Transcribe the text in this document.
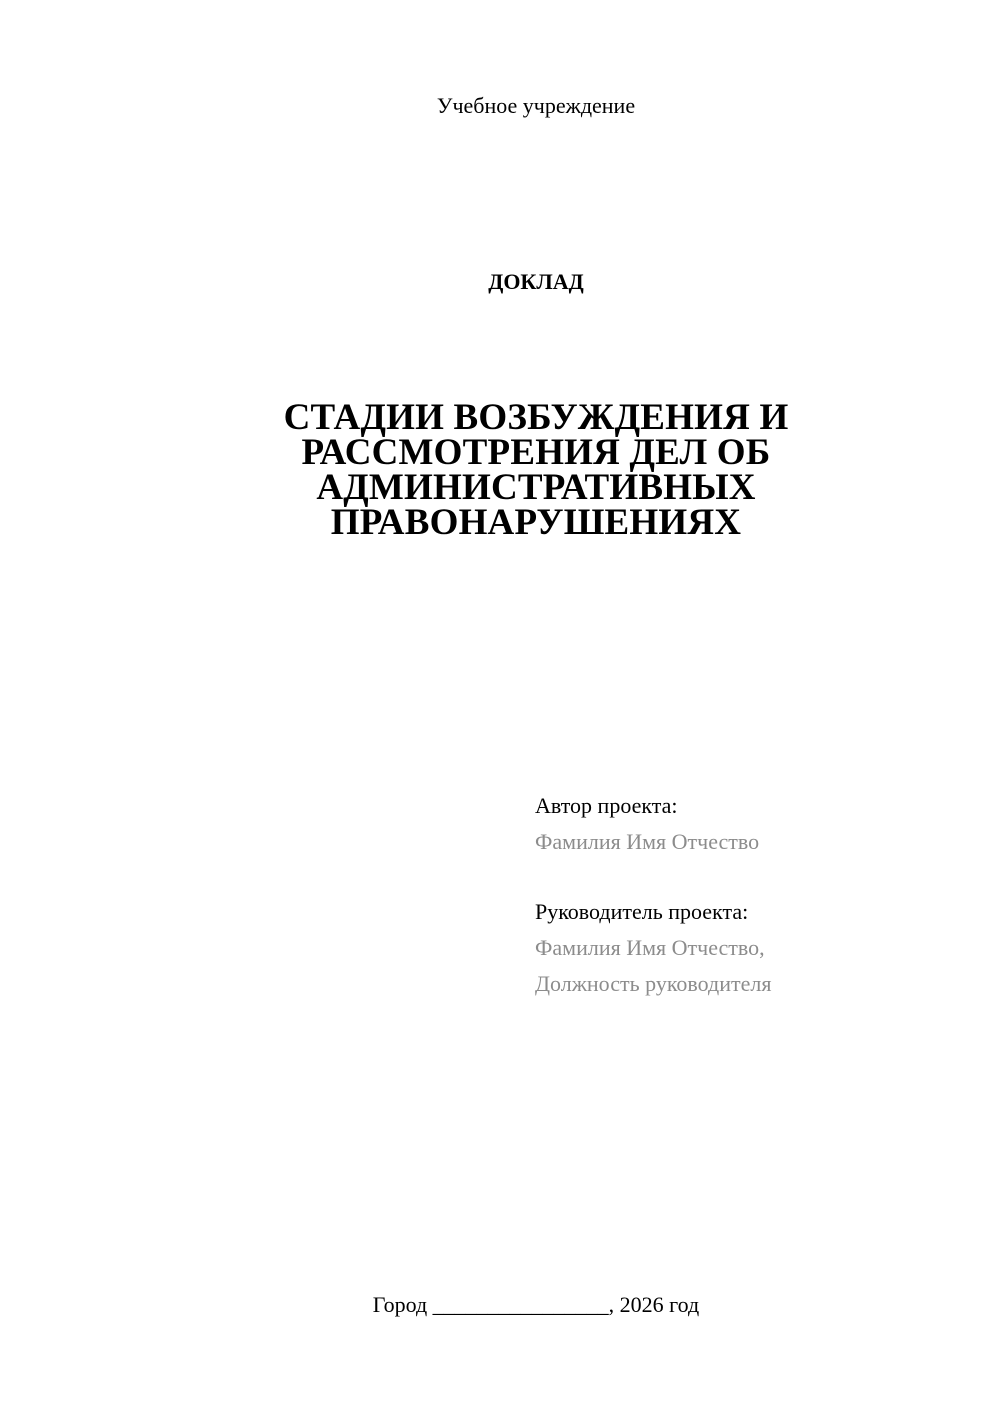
Учебное учреждение
ДОКЛАД
СТАДИИ ВОЗБУЖДЕНИЯ И
РАССМОТРЕНИЯ ДЕЛ ОБ
АДМИНИСТРАТИВНЫХ
ПРАВОНАРУШЕНИЯХ
Автор проекта:
Фамилия Имя Отчество
Руководитель проекта:
Фамилия Имя Отчество,
Должность руководителя
Город ________________, 2026 год
